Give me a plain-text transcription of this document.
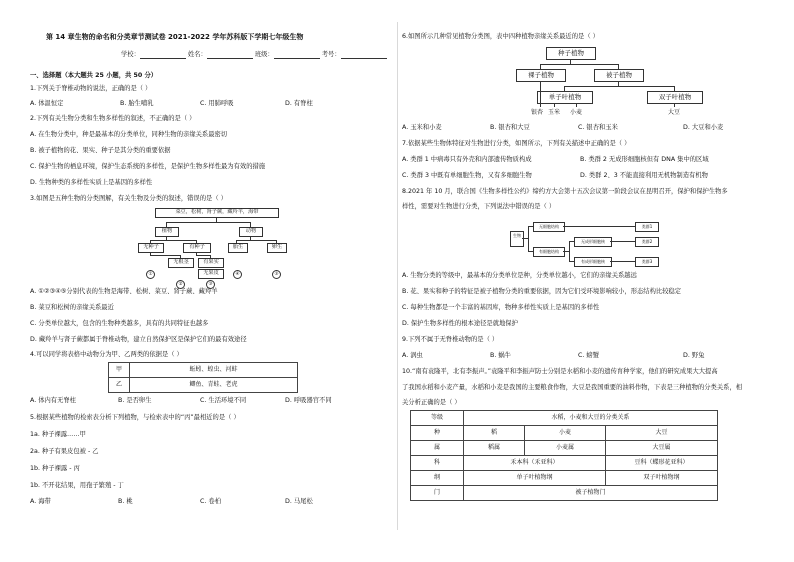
第 14 章生物的命名和分类章节测试卷 2021-2022 学年苏科版下学期七年级生物
学校：	姓名：	班级：	考号：
一、选择题（本大题共 25 小题，共 50 分）
1.下列关于脊椎动物的说法，正确的是（ ）
A. 体温恒定	B. 胎生哺乳	C. 用肺呼吸	D. 有脊柱
2.下列有关生物分类和生物多样性的叙述，不正确的是（ ）
A. 在生物分类中，种是最基本的分类单位，同种生物的亲缘关系最密切
B. 被子植物的花、果实、种子是其分类的重要依据
C. 保护生物的栖息环境，保护生态系统的多样性，是保护生物多样性最为有效的措施
D. 生物种类的多样性实质上是基因的多样性
3.如图是五种生物的分类图解，有关生物及分类的叙述，错误的是（ ）
菜豆，松树，肾子蕨，藏羚羊，海带
植物	动物
无种子	有种子	胎生	卵生
无根茎	有果实
无果皮
①
②	③
④	⑤
A. ①②③④⑤分别代表的生物是海带、松树、菜豆、肾子蕨、藏羚羊
B. 菜豆和松树的亲缘关系最近
C. 分类单位越大，包含的生物种类越多，具有的共同特征也越多
D. 藏羚羊与肾子蕨都属于脊椎动物，建立自然保护区是保护它们的最有效途径
4.可以同学将表格中动物分为甲、乙两类的依据是（ ）
甲	蚯蚓、蝗虫、河蚌
乙	鲫鱼、青蛙、老虎
A. 体内有无脊柱	B. 是否卵生	C. 生活环境不同	D. 呼吸器官不同
5.根据某些植物的检索表分析下列植物，与检索表中的“丙”最相近的是（ ）
1a. 种子裸露……甲
2a. 种子有果皮包被 - 乙
1b. 种子裸露 - 丙
1b. 不开花结果，用孢子繁殖 - 丁
A. 海带	B. 桃	C. 卷柏	D. 马尾松
6.如图所示几种常见植物分类图，表中四种植物亲缘关系最近的是（ ）
种子植物
裸子植物	被子植物
单子叶植物	双子叶植物
银杏 玉米 小麦	大豆
A. 玉米和小麦	B. 银杏和大豆	C. 银杏和玉米	D. 大豆和小麦
7.依据某些生物体特征对生物进行分类，如图所示，下列有关描述中正确的是（ ）
A. 类群 1 中病毒只有外壳和内部遗传物质构成	B. 类群 2 无成形细胞核但有 DNA 集中的区域
C. 类群 3 中既有单细胞生物，又有多细胞生物	D. 类群 2、3 不能直接利用无机物制造有机物
8.2021 年 10 月，联合国《生物多样性公约》缔约方大会第十五次会议第一阶段会议在昆明召开，保护和保护生物多
样性，需要对生物进行分类，下列说法中错误的是（ ）
生物
无细胞结构
有细胞结构
无成形细胞核
有成形细胞核
类群1
类群2
类群3
A. 生物分类的等级中，最基本的分类单位是种，分类单位越小，它们的亲缘关系越远
B. 花、果实和种子的特征是被子植物分类的重要依据，因为它们受环境影响较小，形态结构比较稳定
C. 每种生物都是一个丰富的基因库，物种多样性实质上是基因的多样性
D. 保护生物多样性的根本途径是就地保护
9.下列不属于无脊椎动物的是（ ）
A. 涡虫	B. 蜗牛	C. 螃蟹	D. 野兔
10.“南有袁隆平，北有李振声。”袁隆平和李振声防士分别是水稻和小麦的遗传育种学家，他们的研究成果大大提高
了我国水稻和小麦产量，水稻和小麦是我国的主要粮食作物，大豆是我国重要的油料作物，下表是三种植物的分类关系，相
关分析正确的是（ ）
等级	水稻，小麦和大豆的分类关系		
种	稻	小麦	大豆
属	稻属	小麦属	大豆属
科	禾本科（禾亚科）		豆科（蝶形花亚科）
纲	单子叶植物纲		双子叶植物纲
门	被子植物门		
